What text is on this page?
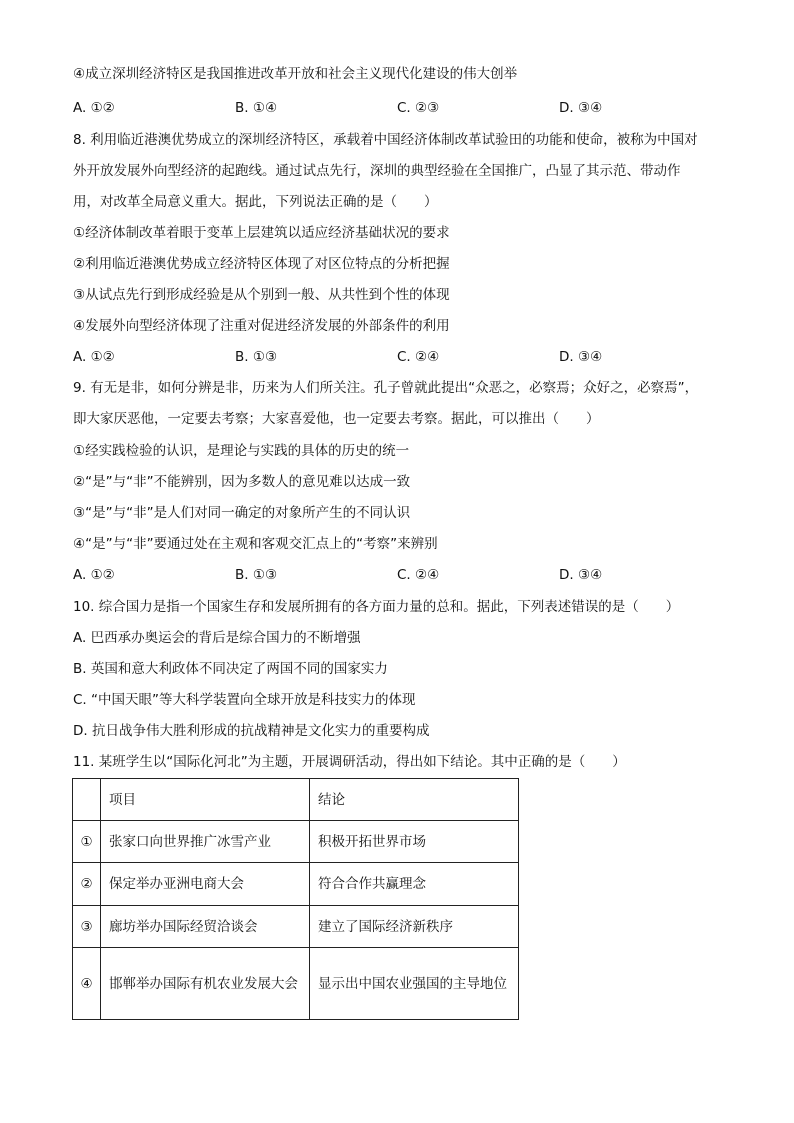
④成立深圳经济特区是我国推进改革开放和社会主义现代化建设的伟大创举
A. ①②	B. ①④	C. ②③	D. ③④
8. 利用临近港澳优势成立的深圳经济特区，承载着中国经济体制改革试验田的功能和使命，被称为中国对
外开放发展外向型经济的起跑线。通过试点先行，深圳的典型经验在全国推广，凸显了其示范、带动作
用，对改革全局意义重大。据此，下列说法正确的是（　　）
①经济体制改革着眼于变革上层建筑以适应经济基础状况的要求
②利用临近港澳优势成立经济特区体现了对区位特点的分析把握
③从试点先行到形成经验是从个别到一般、从共性到个性的体现
④发展外向型经济体现了注重对促进经济发展的外部条件的利用
A. ①②	B. ①③	C. ②④	D. ③④
9. 有无是非，如何分辨是非，历来为人们所关注。孔子曾就此提出“众恶之，必察焉；众好之，必察焉”，
即大家厌恶他，一定要去考察；大家喜爱他，也一定要去考察。据此，可以推出（　　）
①经实践检验的认识，是理论与实践的具体的历史的统一
②“是”与“非”不能辨别，因为多数人的意见难以达成一致
③“是”与“非”是人们对同一确定的对象所产生的不同认识
④“是”与“非”要通过处在主观和客观交汇点上的“考察”来辨别
A. ①②	B. ①③	C. ②④	D. ③④
10. 综合国力是指一个国家生存和发展所拥有的各方面力量的总和。据此，下列表述错误的是（　　）
A. 巴西承办奥运会的背后是综合国力的不断增强
B. 英国和意大利政体不同决定了两国不同的国家实力
C. “中国天眼”等大科学装置向全球开放是科技实力的体现
D. 抗日战争伟大胜利形成的抗战精神是文化实力的重要构成
11. 某班学生以“国际化河北”为主题，开展调研活动，得出如下结论。其中正确的是（　　）
	项目	结论
①	张家口向世界推广冰雪产业	积极开拓世界市场
②	保定举办亚洲电商大会	符合合作共赢理念
③	廊坊举办国际经贸洽谈会	建立了国际经济新秩序
④	邯郸举办国际有机农业发展大会	显示出中国农业强国的主导地位
